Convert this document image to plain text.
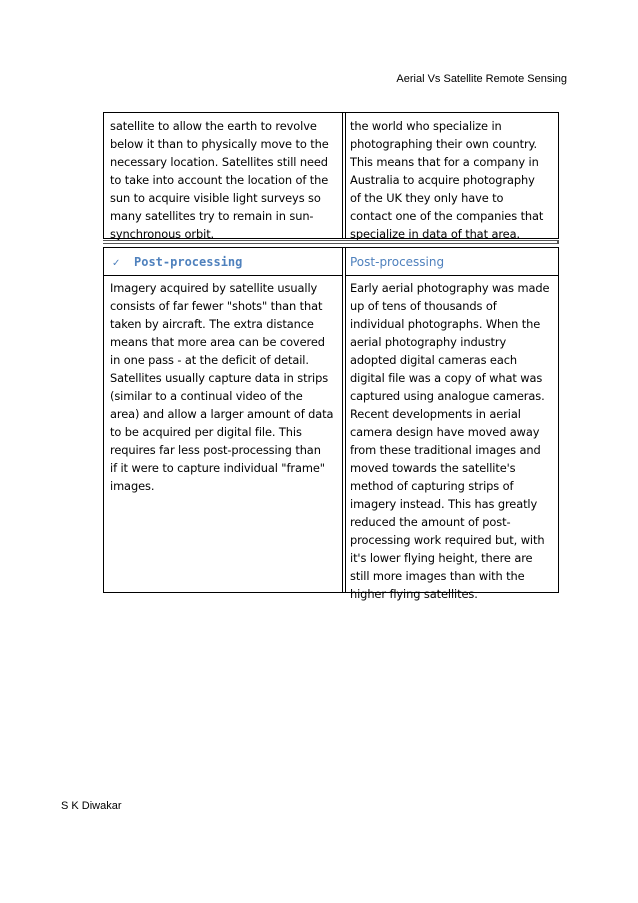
Aerial Vs Satellite Remote Sensing
satellite to allow the earth to revolve
below it than to physically move to the
necessary location. Satellites still need
to take into account the location of the
sun to acquire visible light surveys so
many satellites try to remain in sun-
synchronous orbit.
the world who specialize in
photographing their own country.
This means that for a company in
Australia to acquire photography
of the UK they only have to
contact one of the companies that
specialize in data of that area.
✓ Post-processing	Post-processing
Imagery acquired by satellite usually
consists of far fewer "shots" than that
taken by aircraft. The extra distance
means that more area can be covered
in one pass - at the deficit of detail.
Satellites usually capture data in strips
(similar to a continual video of the
area) and allow a larger amount of data
to be acquired per digital file. This
requires far less post-processing than
if it were to capture individual "frame"
images.
Early aerial photography was made
up of tens of thousands of
individual photographs. When the
aerial photography industry
adopted digital cameras each
digital file was a copy of what was
captured using analogue cameras.
Recent developments in aerial
camera design have moved away
from these traditional images and
moved towards the satellite's
method of capturing strips of
imagery instead. This has greatly
reduced the amount of post-
processing work required but, with
it's lower flying height, there are
still more images than with the
higher flying satellites.
S K Diwakar
